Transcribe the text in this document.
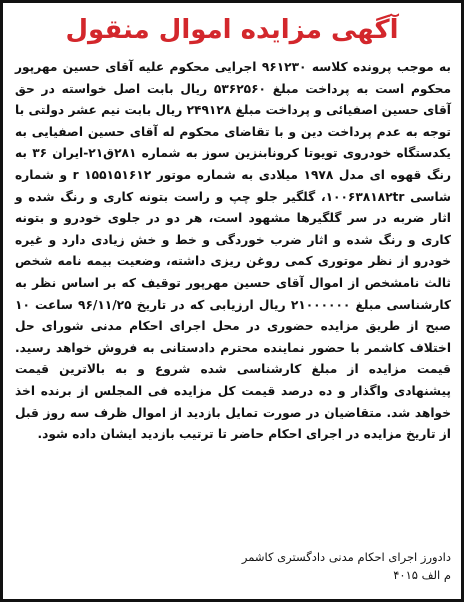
آگهی مزایده اموال منقول

به موجب پرونده کلاسه ۹۶۱۲۳۰ اجرایی محکوم علیه آقای حسین مهرپور محکوم است به پرداخت مبلغ ۵۳۶۲۵۶۰ ریال بابت اصل خواسته در حق آقای حسین اصفیائی و پرداخت مبلغ ۲۴۹۱۲۸ ریال بابت نیم عشر دولتی با توجه به عدم پرداخت دین و با تقاضای محکوم له آقای حسین اصفیایی به یکدستگاه خودروی تویوتا کرونابنزین سوز به شماره ۲۸۱ق۲۱-ایران ۳۶ به رنگ قهوه ای مدل ۱۹۷۸ میلادی به شماره موتور ۱۵۵۱۵۱۶۱۲ r و شماره شاسی ۱۰۰۶۳۸۱۸۲tr، گلگیر جلو چپ و راست بتونه کاری و رنگ شده و اثار ضربه در سر گلگیرها مشهود است، هر دو در جلوی خودرو و بتونه کاری و رنگ شده و اثار ضرب خوردگی و خط و خش زیادی دارد و غیره خودرو از نظر موتوری کمی روغن ریزی داشته، وضعیت بیمه نامه شخص ثالث نامشخص از اموال آقای حسین مهرپور توقیف که بر اساس نظر به کارشناسی مبلغ ۲۱۰۰۰۰۰۰ ریال ارزیابی که در تاریخ ۹۶/۱۱/۲۵ ساعت ۱۰ صبح از طریق مزایده حضوری در محل اجرای احکام مدنی شورای حل اختلاف کاشمر با حضور نماینده محترم دادستانی به فروش خواهد رسید. قیمت مزایده از مبلغ کارشناسی شده شروع و به بالاترین قیمت پیشنهادی واگذار و ده درصد قیمت کل مزایده فی المجلس از برنده اخذ خواهد شد. متقاضیان در صورت تمایل بازدید از اموال ظرف سه روز قبل از تاریخ مزایده در اجرای احکام حاضر تا ترتیب بازدید ایشان داده شود.

دادورز اجرای احکام مدنی دادگستری کاشمر
م الف ۴۰۱۵
